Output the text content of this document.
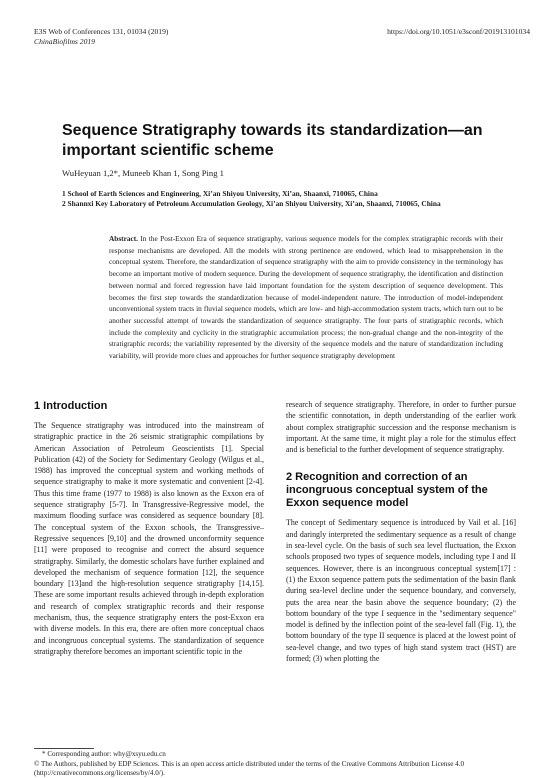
E3S Web of Conferences 131, 01034 (2019)	https://doi.org/10.1051/e3sconf/201913101034
ChinaBiofilms 2019
Sequence Stratigraphy towards its standardization—an important scientific scheme
WuHeyuan 1,2*, Muneeb Khan 1, Song Ping 1
1 School of Earth Sciences and Engineering, Xi’an Shiyou University, Xi’an, Shaanxi, 710065, China
2 Shannxi Key Laboratory of Petroleum Accumulation Geology, Xi’an Shiyou University, Xi’an, Shaanxi, 710065, China
Abstract. In the Post-Exxon Era of sequence stratigraphy, various sequence models for the complex stratigraphic records with their response mechanisms are developed. All the models with strong pertinence are endowed, which lead to misapprehension in the conceptual system. Therefore, the standardization of sequence stratigraphy with the aim to provide consistency in the terminology has become an important motive of modern sequence. During the development of sequence stratigraphy, the identification and distinction between normal and forced regression have laid important foundation for the system description of sequence development. This becomes the first step towards the standardization because of model-independent nature. The introduction of model-independent unconventional system tracts in fluvial sequence models, which are low- and high-accommodation system tracts, which turn out to be another successful attempt of towards the standardization of sequence stratigraphy. The four parts of stratigraphic records, which include the complexity and cyclicity in the stratigraphic accumulation process; the non-gradual change and the non-integrity of the stratigraphic records; the variability represented by the diversity of the sequence models and the nature of standardization including variability, will provide more clues and approaches for further sequence stratigraphy development
1 Introduction

The Sequence stratigraphy was introduced into the mainstream of stratigraphic practice in the 26 seismic stratigraphic compilations by American Association of Petroleum Geoscientists [1]. Special Publication (42) of the Society for Sedimentary Geology (Wilgus et al., 1988) has improved the conceptual system and working methods of sequence stratigraphy to make it more systematic and convenient [2-4]. Thus this time frame (1977 to 1988) is also known as the Exxon era of sequence stratigraphy [5-7]. In Transgressive-Regressive model, the maximum flooding surface was considered as sequence boundary [8]. The conceptual system of the Exxon schools, the Transgressive–Regressive sequences [9,10] and the drowned unconformity sequence [11] were proposed to recognise and correct the absurd sequence stratigraphy. Similarly, the domestic scholars have further explained and developed the mechanism of sequence formation [12], the sequence boundary [13]and the high-resolution sequence stratigraphy [14,15]. These are some important results achieved through in-depth exploration and research of complex stratigraphic records and their response mechanism, thus, the sequence stratigraphy enters the post-Exxon era with diverse models. In this era, there are often more conceptual chaos and incongruous conceptual systems. The standardization of sequence stratigraphy therefore becomes an important scientific topic in the

research of sequence stratigraphy. Therefore, in order to further pursue the scientific connotation, in depth understanding of the earlier work about complex stratigraphic succession and the response mechanism is important. At the same time, it might play a role for the stimulus effect and is beneficial to the further development of sequence stratigraphy.

2 Recognition and correction of an incongruous conceptual system of the Exxon sequence model

The concept of Sedimentary sequence is introduced by Vail et al. [16] and daringly interpreted the sedimentary sequence as a result of change in sea-level cycle. On the basis of such sea level fluctuation, the Exxon schools proposed two types of sequence models, including type I and II sequences. However, there is an incongruous conceptual system[17] : (1) the Exxon sequence pattern puts the sedimentation of the basin flank during sea-level decline under the sequence boundary, and conversely, puts the area near the basin above the sequence boundary; (2) the bottom boundary of the type I sequence in the "sedimentary sequence" model is defined by the inflection point of the sea-level fall (Fig. 1), the bottom boundary of the type II sequence is placed at the lowest point of sea-level change, and two types of high stand system tract (HST) are formed; (3) when plotting the

* Corresponding author: why@xsyu.edu.cn
© The Authors, published by EDP Sciences. This is an open access article distributed under the terms of the Creative Commons Attribution License 4.0 (http://creativecommons.org/licenses/by/4.0/).
